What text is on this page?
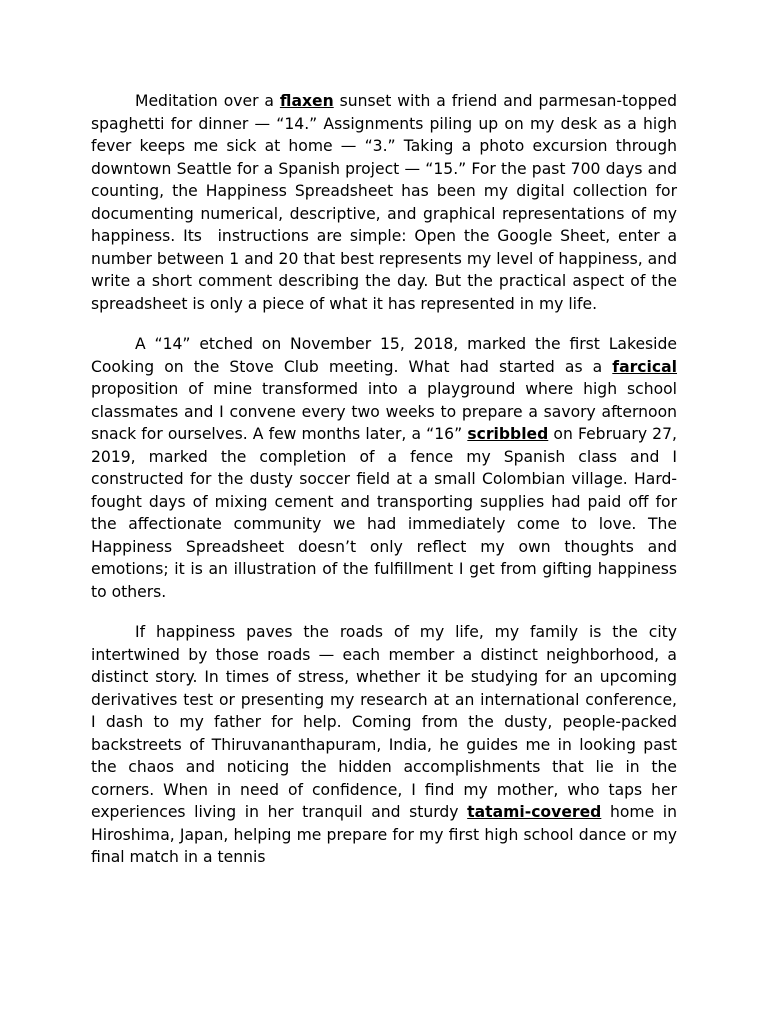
Meditation over a flaxen sunset with a friend and parmesan-topped spaghetti for dinner — “14.” Assignments piling up on my desk as a high fever keeps me sick at home — “3.” Taking a photo excursion through downtown Seattle for a Spanish project — “15.” For the past 700 days and counting, the Happiness Spreadsheet has been my digital collection for documenting numerical, descriptive, and graphical representations of my happiness. Its  instructions are simple: Open the Google Sheet, enter a number between 1 and 20 that best represents my level of happiness, and write a short comment describing the day. But the practical aspect of the spreadsheet is only a piece of what it has represented in my life.

A “14” etched on November 15, 2018, marked the first Lakeside Cooking on the Stove Club meeting. What had started as a farcical proposition of mine transformed into a playground where high school classmates and I convene every two weeks to prepare a savory afternoon snack for ourselves. A few months later, a “16” scribbled on February 27, 2019, marked the completion of a fence my Spanish class and I constructed for the dusty soccer field at a small Colombian village. Hard-fought days of mixing cement and transporting supplies had paid off for the affectionate community we had immediately come to love. The Happiness Spreadsheet doesn’t only reflect my own thoughts and emotions; it is an illustration of the fulfillment I get from gifting happiness to others.

If happiness paves the roads of my life, my family is the city intertwined by those roads — each member a distinct neighborhood, a distinct story. In times of stress, whether it be studying for an upcoming derivatives test or presenting my research at an international conference, I dash to my father for help. Coming from the dusty, people-packed backstreets of Thiruvananthapuram, India, he guides me in looking past the chaos and noticing the hidden accomplishments that lie in the corners. When in need of confidence, I find my mother, who taps her experiences living in her tranquil and sturdy tatami-covered home in Hiroshima, Japan, helping me prepare for my first high school dance or my final match in a tennis
